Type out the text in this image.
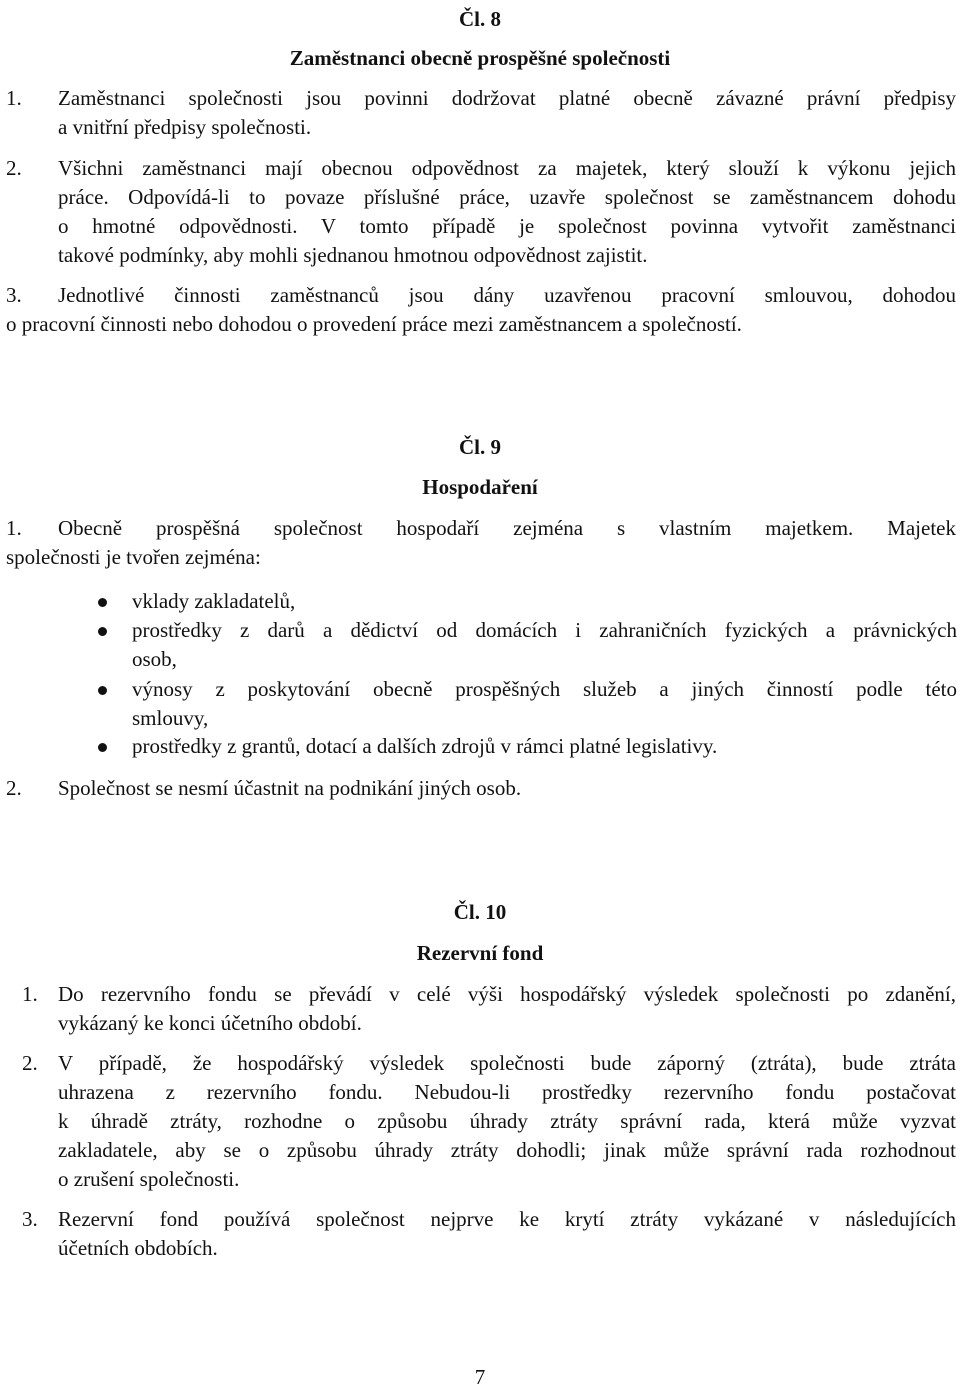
Čl. 8
Zaměstnanci obecně prospěšné společnosti
1. Zaměstnanci společnosti jsou povinni dodržovat platné obecně závazné právní předpisy
a vnitřní předpisy společnosti.
2. Všichni zaměstnanci mají obecnou odpovědnost za majetek, který slouží k výkonu jejich
práce. Odpovídá-li to povaze příslušné práce, uzavře společnost se zaměstnancem dohodu
o hmotné odpovědnosti. V tomto případě je společnost povinna vytvořit zaměstnanci
takové podmínky, aby mohli sjednanou hmotnou odpovědnost zajistit.
3. Jednotlivé činnosti zaměstnanců jsou dány uzavřenou pracovní smlouvou, dohodou
o pracovní činnosti nebo dohodou o provedení práce mezi zaměstnancem a společností.
Čl. 9
Hospodaření
1. Obecně prospěšná společnost hospodaří zejména s vlastním majetkem. Majetek
společnosti je tvořen zejména:
vklady zakladatelů,
prostředky z darů a dědictví od domácích i zahraničních fyzických a právnických
osob,
výnosy z poskytování obecně prospěšných služeb a jiných činností podle této
smlouvy,
prostředky z grantů, dotací a dalších zdrojů v rámci platné legislativy.
2. Společnost se nesmí účastnit na podnikání jiných osob.
Čl. 10
Rezervní fond
1. Do rezervního fondu se převádí v celé výši hospodářský výsledek společnosti po zdanění,
vykázaný ke konci účetního období.
2. V případě, že hospodářský výsledek společnosti bude záporný (ztráta), bude ztráta
uhrazena z rezervního fondu. Nebudou-li prostředky rezervního fondu postačovat
k úhradě ztráty, rozhodne o způsobu úhrady ztráty správní rada, která může vyzvat
zakladatele, aby se o způsobu úhrady ztráty dohodli; jinak může správní rada rozhodnout
o zrušení společnosti.
3. Rezervní fond používá společnost nejprve ke krytí ztráty vykázané v následujících
účetních obdobích.
7
